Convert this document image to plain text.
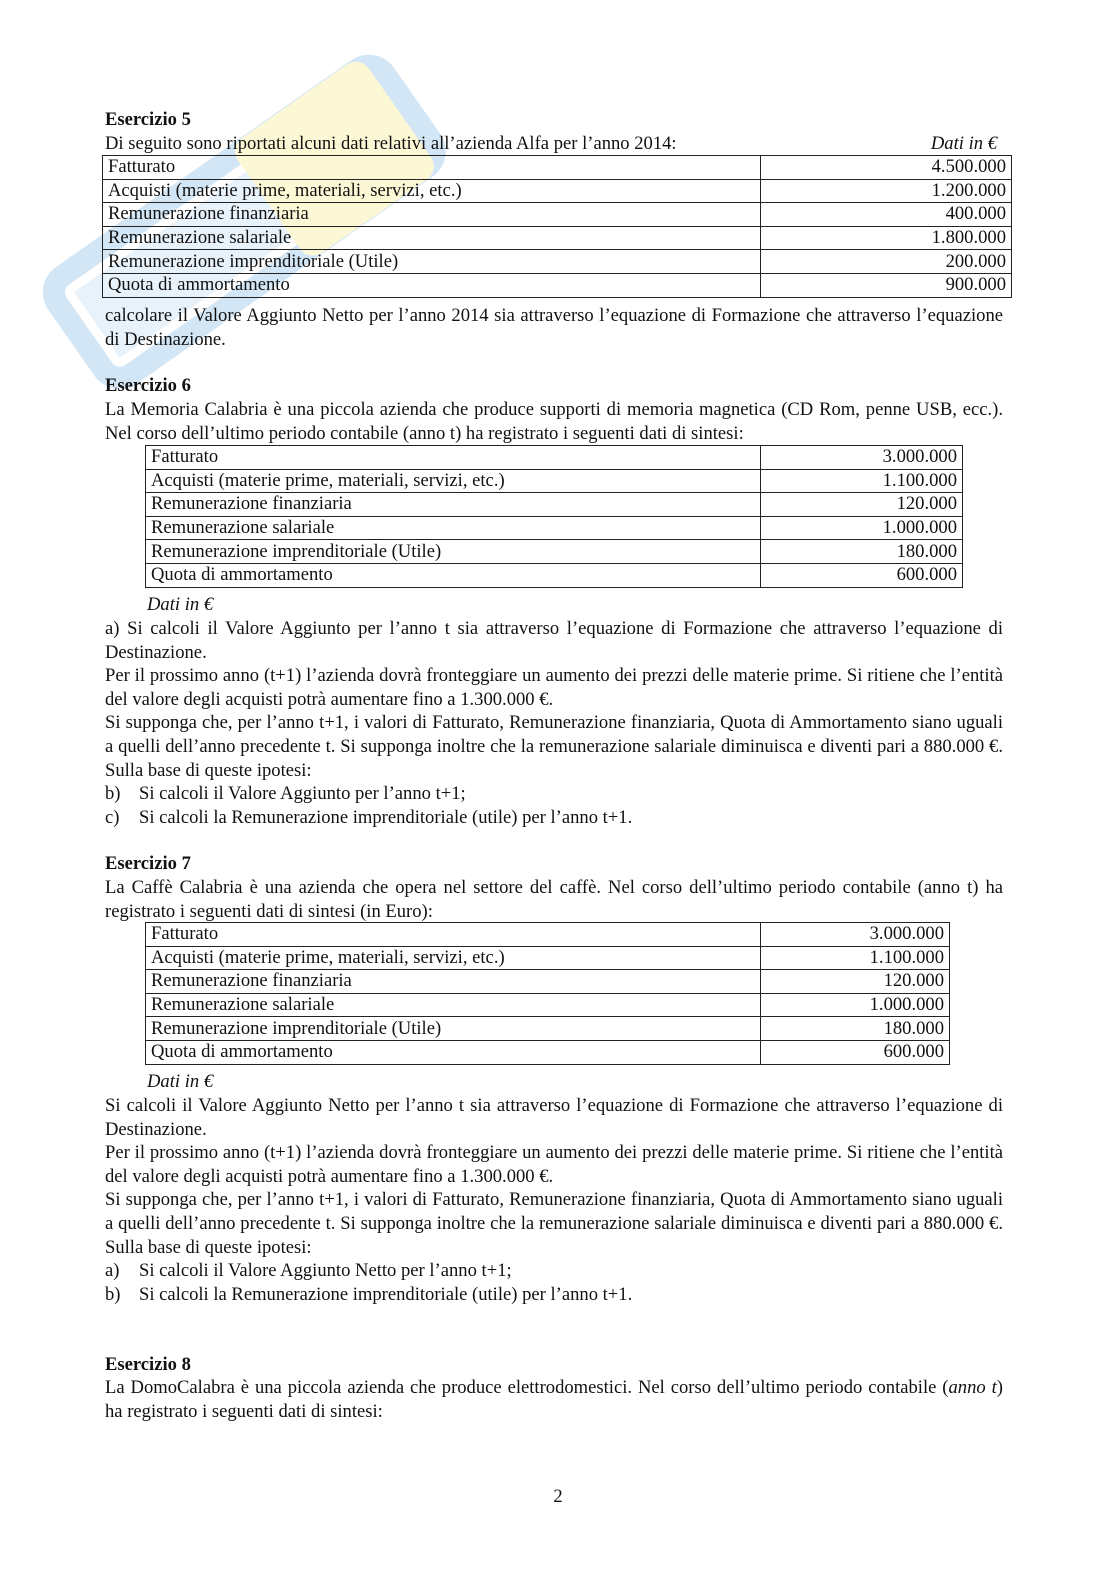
Esercizio 5
Di seguito sono riportati alcuni dati relativi all’azienda Alfa per l’anno 2014:	Dati in €
Fatturato	4.500.000
Acquisti (materie prime, materiali, servizi, etc.)	1.200.000
Remunerazione finanziaria	400.000
Remunerazione salariale	1.800.000
Remunerazione imprenditoriale (Utile)	200.000
Quota di ammortamento	900.000
calcolare il Valore Aggiunto Netto per l’anno 2014 sia attraverso l’equazione di Formazione che attraverso l’equazione di Destinazione.
Esercizio 6
La Memoria Calabria è una piccola azienda che produce supporti di memoria magnetica (CD Rom, penne USB, ecc.). Nel corso dell’ultimo periodo contabile (anno t) ha registrato i seguenti dati di sintesi:
Fatturato	3.000.000
Acquisti (materie prime, materiali, servizi, etc.)	1.100.000
Remunerazione finanziaria	120.000
Remunerazione salariale	1.000.000
Remunerazione imprenditoriale (Utile)	180.000
Quota di ammortamento	600.000
Dati in €
a) Si calcoli il Valore Aggiunto per l’anno t sia attraverso l’equazione di Formazione che attraverso l’equazione di Destinazione.
Per il prossimo anno (t+1) l’azienda dovrà fronteggiare un aumento dei prezzi delle materie prime. Si ritiene che l’entità del valore degli acquisti potrà aumentare fino a 1.300.000 €.
Si supponga che, per l’anno t+1, i valori di Fatturato, Remunerazione finanziaria, Quota di Ammortamento siano uguali a quelli dell’anno precedente t. Si supponga inoltre che la remunerazione salariale diminuisca e diventi pari a 880.000 €. Sulla base di queste ipotesi:
b) Si calcoli il Valore Aggiunto per l’anno t+1;
c)	Si calcoli la Remunerazione imprenditoriale (utile) per l’anno t+1.
Esercizio 7
La Caffè Calabria è una azienda che opera nel settore del caffè. Nel corso dell’ultimo periodo contabile (anno t) ha registrato i seguenti dati di sintesi (in Euro):
Fatturato	3.000.000
Acquisti (materie prime, materiali, servizi, etc.)	1.100.000
Remunerazione finanziaria	120.000
Remunerazione salariale	1.000.000
Remunerazione imprenditoriale (Utile)	180.000
Quota di ammortamento	600.000
Dati in €
Si calcoli il Valore Aggiunto Netto per l’anno t sia attraverso l’equazione di Formazione che attraverso l’equazione di Destinazione.
Per il prossimo anno (t+1) l’azienda dovrà fronteggiare un aumento dei prezzi delle materie prime. Si ritiene che l’entità del valore degli acquisti potrà aumentare fino a 1.300.000 €.
Si supponga che, per l’anno t+1, i valori di Fatturato, Remunerazione finanziaria, Quota di Ammortamento siano uguali a quelli dell’anno precedente t. Si supponga inoltre che la remunerazione salariale diminuisca e diventi pari a 880.000 €. Sulla base di queste ipotesi:
a)	Si calcoli il Valore Aggiunto Netto per l’anno t+1;
b) Si calcoli la Remunerazione imprenditoriale (utile) per l’anno t+1.
Esercizio 8
La DomoCalabra è una piccola azienda che produce elettrodomestici. Nel corso dell’ultimo periodo contabile (anno t) ha registrato i seguenti dati di sintesi:
2
